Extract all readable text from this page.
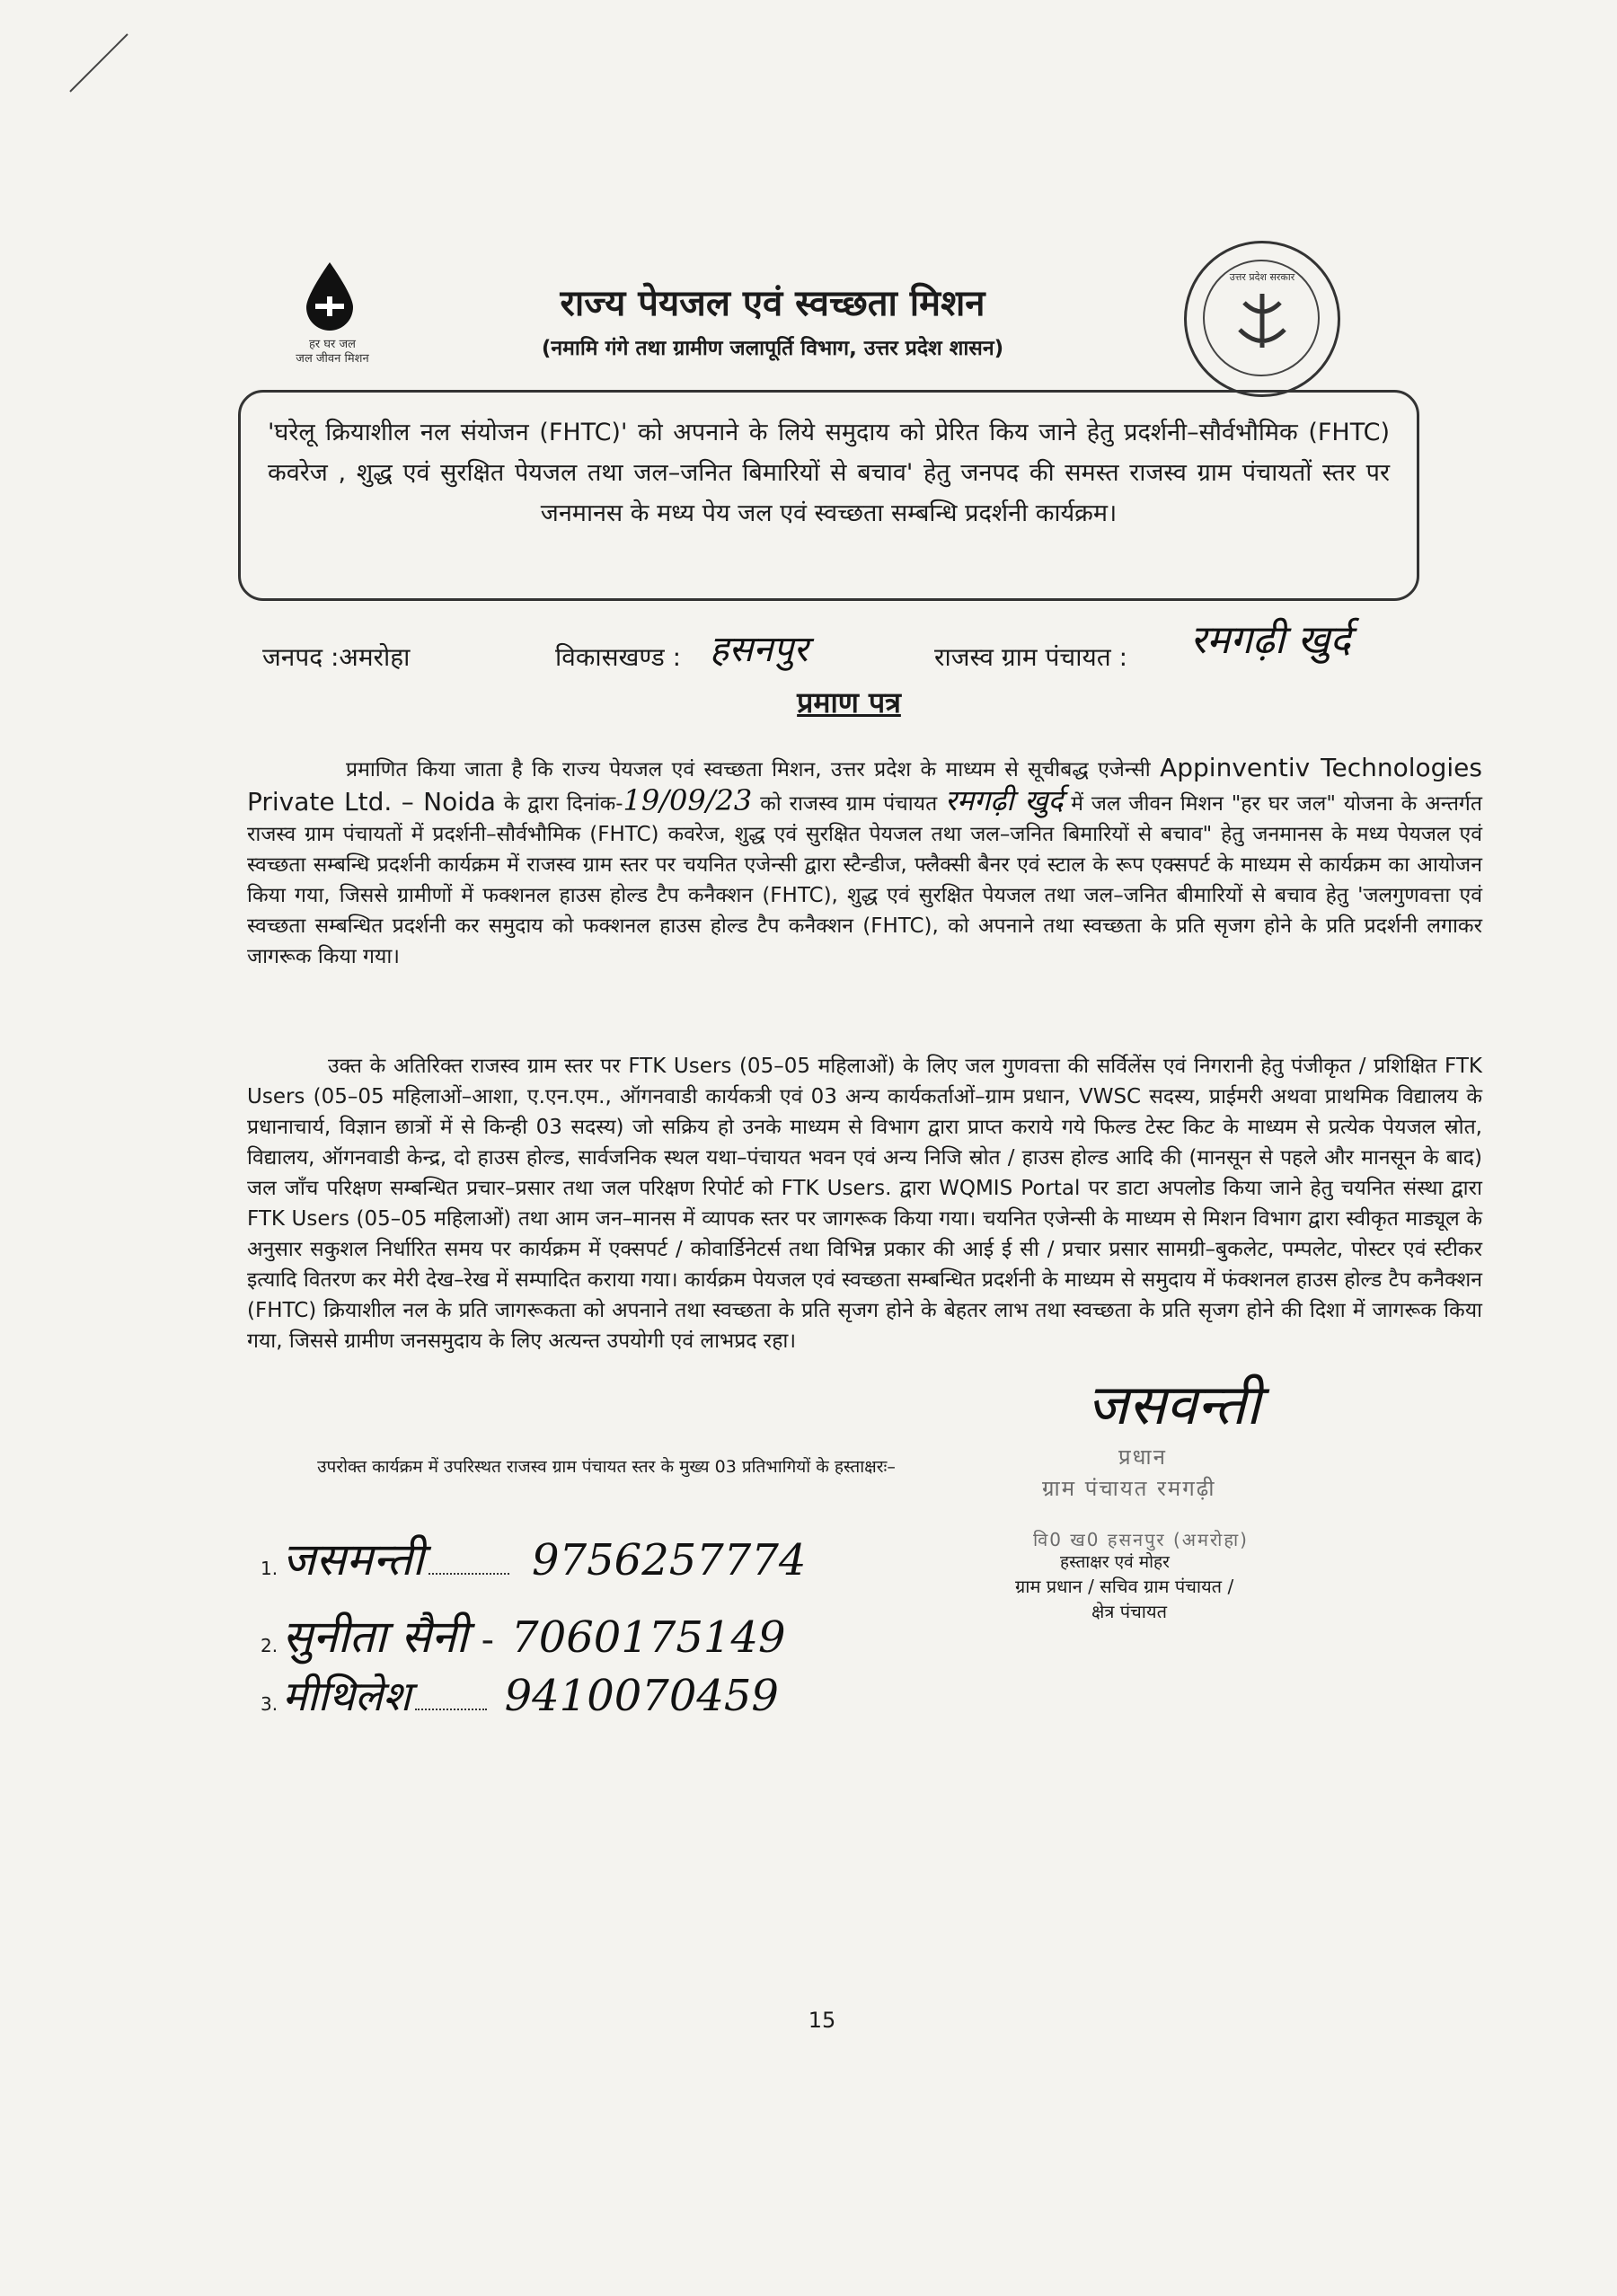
हर घर जल
जल जीवन मिशन
राज्य पेयजल एवं स्वच्छता मिशन
(नमामि गंगे तथा ग्रामीण जलापूर्ति विभाग, उत्तर प्रदेश शासन)
उत्तर प्रदेश सरकार

'घरेलू क्रियाशील नल संयोजन (FHTC)' को अपनाने के लिये समुदाय को प्रेरित किय जाने हेतु प्रदर्शनी–सौर्वभौमिक (FHTC) कवरेज , शुद्ध एवं सुरक्षित पेयजल तथा जल–जनित बिमारियों से बचाव' हेतु जनपद की समस्त राजस्व ग्राम पंचायतों स्तर पर जनमानस के मध्य पेय जल एवं स्वच्छता सम्बन्धि प्रदर्शनी कार्यक्रम।

जनपद :अमरोहा	विकासखण्ड : हसनपुर	राजस्व ग्राम पंचायत : रमगढ़ी खुर्द
प्रमाण पत्र
प्रमाणित किया जाता है कि राज्य पेयजल एवं स्वच्छता मिशन, उत्तर प्रदेश के माध्यम से सूचीबद्ध एजेन्सी Appinventiv Technologies Private Ltd. – Noida के द्वारा दिनांक-19/09/23 को राजस्व ग्राम पंचायत रमगढ़ी खुर्द में जल जीवन मिशन "हर घर जल" योजना के अन्तर्गत राजस्व ग्राम पंचायतों में प्रदर्शनी–सौर्वभौमिक (FHTC) कवरेज, शुद्ध एवं सुरक्षित पेयजल तथा जल–जनित बिमारियों से बचाव" हेतु जनमानस के मध्य पेयजल एवं स्वच्छता सम्बन्धि प्रदर्शनी कार्यक्रम में राजस्व ग्राम स्तर पर चयनित एजेन्सी द्वारा स्टैन्डीज, फ्लैक्सी बैनर एवं स्टाल के रूप एक्सपर्ट के माध्यम से कार्यक्रम का आयोजन किया गया, जिससे ग्रामीणों में फक्शनल हाउस होल्ड टैप कनैक्शन (FHTC), शुद्ध एवं सुरक्षित पेयजल तथा जल–जनित बीमारियों से बचाव हेतु 'जलगुणवत्ता एवं स्वच्छता सम्बन्धित प्रदर्शनी कर समुदाय को फक्शनल हाउस होल्ड टैप कनैक्शन (FHTC), को अपनाने तथा स्वच्छता के प्रति सृजग होने के प्रति प्रदर्शनी लगाकर जागरूक किया गया।
उक्त के अतिरिक्त राजस्व ग्राम स्तर पर FTK Users (05–05 महिलाओं) के लिए जल गुणवत्ता की सर्विलेंस एवं निगरानी हेतु पंजीकृत / प्रशिक्षित FTK Users (05–05 महिलाओं–आशा, ए.एन.एम., ऑगनवाडी कार्यकत्री एवं 03 अन्य कार्यकर्ताओं–ग्राम प्रधान, VWSC सदस्य, प्राईमरी अथवा प्राथमिक विद्यालय के प्रधानाचार्य, विज्ञान छात्रों में से किन्ही 03 सदस्य) जो सक्रिय हो उनके माध्यम से विभाग द्वारा प्राप्त कराये गये फिल्ड टेस्ट किट के माध्यम से प्रत्येक पेयजल स्रोत, विद्यालय, ऑगनवाडी केन्द्र, दो हाउस होल्ड, सार्वजनिक स्थल यथा–पंचायत भवन एवं अन्य निजि स्रोत / हाउस होल्ड आदि की (मानसून से पहले और मानसून के बाद) जल जाँच परिक्षण सम्बन्धित प्रचार–प्रसार तथा जल परिक्षण रिपोर्ट को FTK Users. द्वारा WQMIS Portal पर डाटा अपलोड किया जाने हेतु चयनित संस्था द्वारा FTK Users (05–05 महिलाओं) तथा आम जन–मानस में व्यापक स्तर पर जागरूक किया गया। चयनित एजेन्सी के माध्यम से मिशन विभाग द्वारा स्वीकृत माड्यूल के अनुसार सकुशल निर्धारित समय पर कार्यक्रम में एक्सपर्ट / कोवार्डिनेटर्स तथा विभिन्न प्रकार की आई ई सी / प्रचार प्रसार सामग्री–बुकलेट, पम्पलेट, पोस्टर एवं स्टीकर इत्यादि वितरण कर मेरी देख–रेख में सम्पादित कराया गया। कार्यक्रम पेयजल एवं स्वच्छता सम्बन्धित प्रदर्शनी के माध्यम से समुदाय में फंक्शनल हाउस होल्ड टैप कनैक्शन (FHTC) क्रियाशील नल के प्रति जागरूकता को अपनाने तथा स्वच्छता के प्रति सृजग होने के बेहतर लाभ तथा स्वच्छता के प्रति सृजग होने की दिशा में जागरूक किया गया, जिससे ग्रामीण जनसमुदाय के लिए अत्यन्त उपयोगी एवं लाभप्रद रहा।
उपरोक्त कार्यक्रम में उपरिस्थत राजस्व ग्राम पंचायत स्तर के मुख्य 03 प्रतिभागियों के हस्ताक्षरः–
1. जसमन्ती	9756257774
2. सुनीता सैनी - 7060175149
3. मीथिलेश 9410070459
जसवन्ती
प्रधान
ग्राम पंचायत रमगढ़ी
वि0 ख0 हसनपुर (अमरोहा)
हस्ताक्षर एवं मोहर
ग्राम प्रधान / सचिव ग्राम पंचायत /
क्षेत्र पंचायत
15
